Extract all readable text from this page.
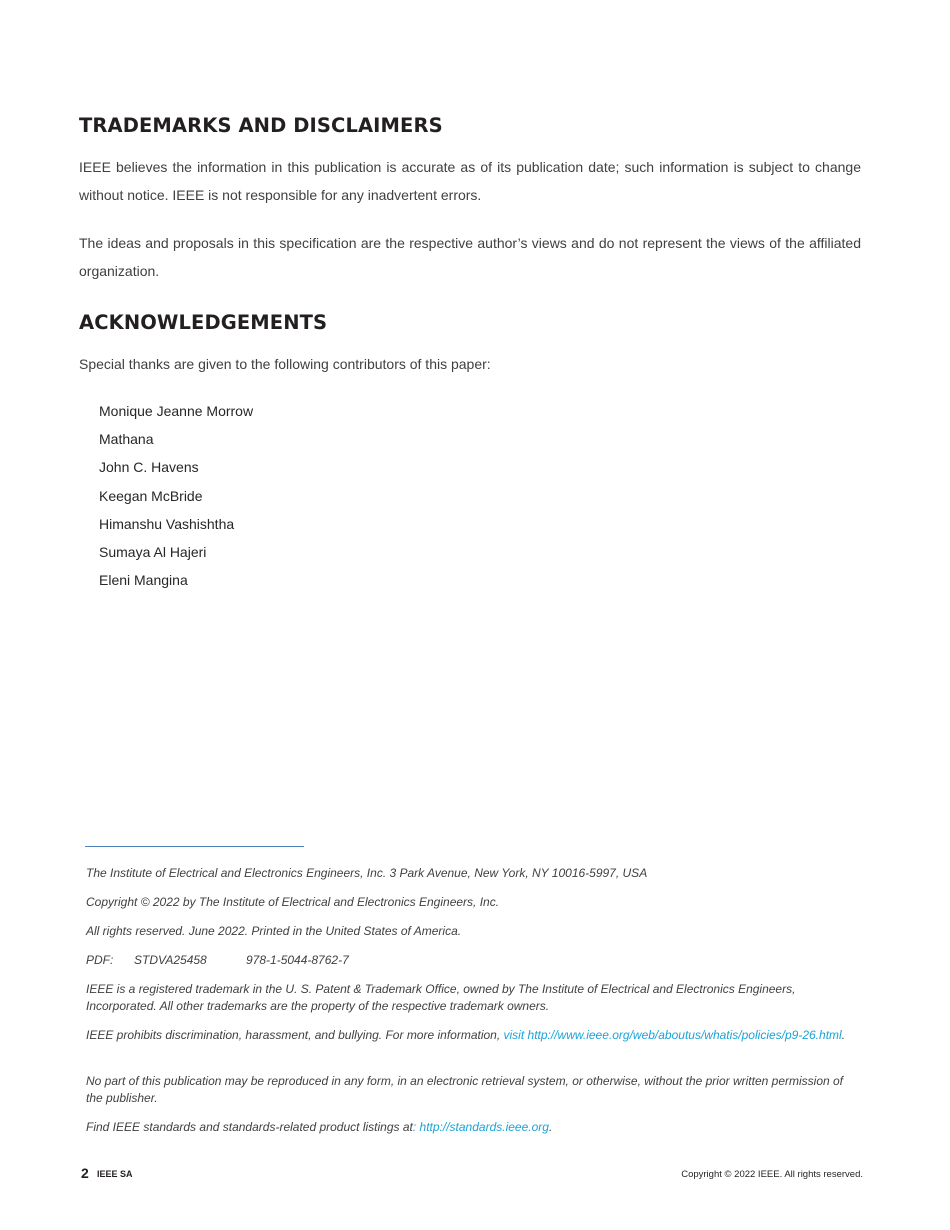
TRADEMARKS AND DISCLAIMERS

IEEE believes the information in this publication is accurate as of its publication date; such information is subject to change without notice. IEEE is not responsible for any inadvertent errors.

The ideas and proposals in this specification are the respective author’s views and do not represent the views of the affiliated organization.

ACKNOWLEDGEMENTS

Special thanks are given to the following contributors of this paper:

Monique Jeanne Morrow
Mathana
John C. Havens
Keegan McBride
Himanshu Vashishtha
Sumaya Al Hajeri
Eleni Mangina

The Institute of Electrical and Electronics Engineers, Inc. 3 Park Avenue, New York, NY 10016-5997, USA

Copyright © 2022 by The Institute of Electrical and Electronics Engineers, Inc.

All rights reserved. June 2022. Printed in the United States of America.

PDF: STDVA25458	978-1-5044-8762-7

IEEE is a registered trademark in the U. S. Patent & Trademark Office, owned by The Institute of Electrical and Electronics Engineers, Incorporated. All other trademarks are the property of the respective trademark owners.

IEEE prohibits discrimination, harassment, and bullying. For more information, visit http://www.ieee.org/web/aboutus/whatis/policies/p9-26.html.

No part of this publication may be reproduced in any form, in an electronic retrieval system, or otherwise, without the prior written permission of the publisher.

Find IEEE standards and standards-related product listings at: http://standards.ieee.org.

2 IEEE SA	Copyright © 2022 IEEE. All rights reserved.
